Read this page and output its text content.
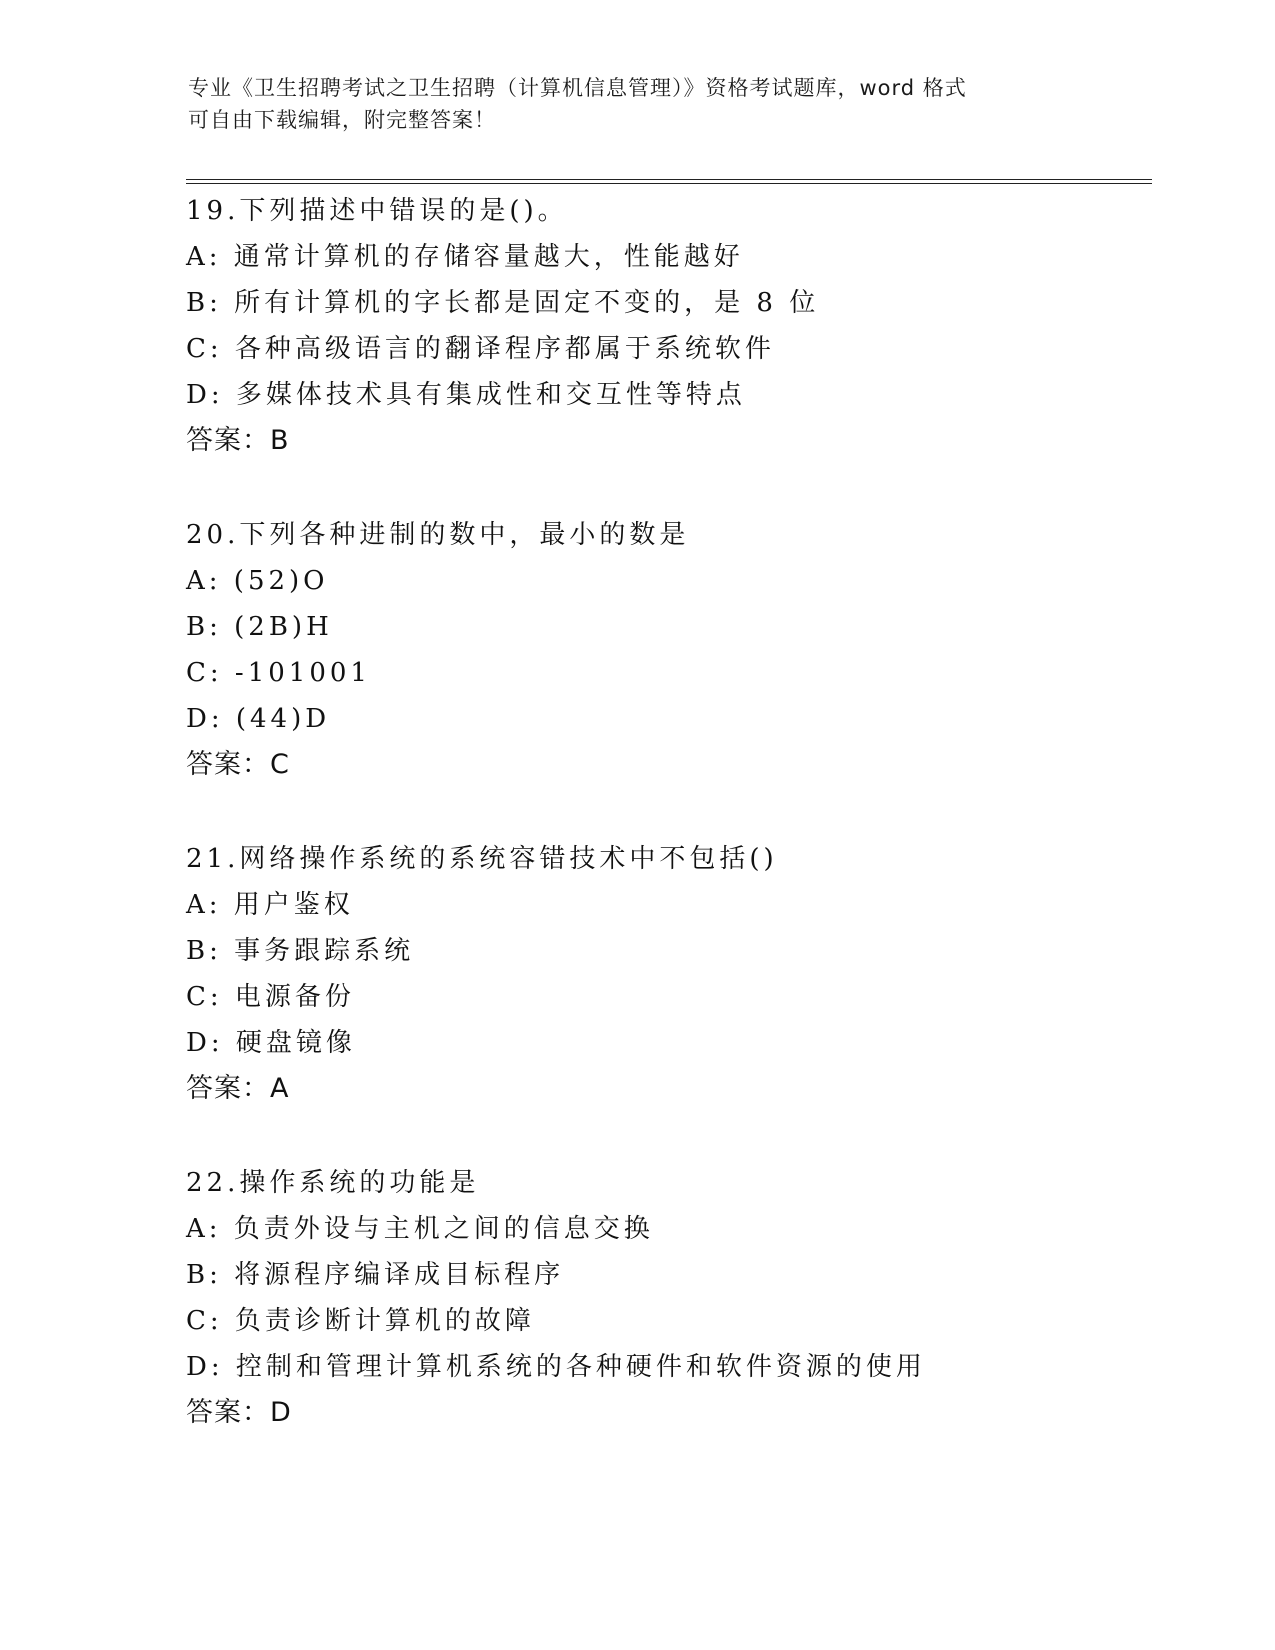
专业《卫生招聘考试之卫生招聘（计算机信息管理）》资格考试题库，word 格式
可自由下载编辑，附完整答案！
19.下列描述中错误的是()。
A: 通常计算机的存储容量越大，性能越好
B: 所有计算机的字长都是固定不变的，是 8 位
C: 各种高级语言的翻译程序都属于系统软件
D: 多媒体技术具有集成性和交互性等特点
答案：B
20.下列各种进制的数中，最小的数是
A: (52)O
B: (2B)H
C: -101001
D: (44)D
答案：C
21.网络操作系统的系统容错技术中不包括()
A: 用户鉴权
B: 事务跟踪系统
C: 电源备份
D: 硬盘镜像
答案：A
22.操作系统的功能是
A: 负责外设与主机之间的信息交换
B: 将源程序编译成目标程序
C: 负责诊断计算机的故障
D: 控制和管理计算机系统的各种硬件和软件资源的使用
答案：D
